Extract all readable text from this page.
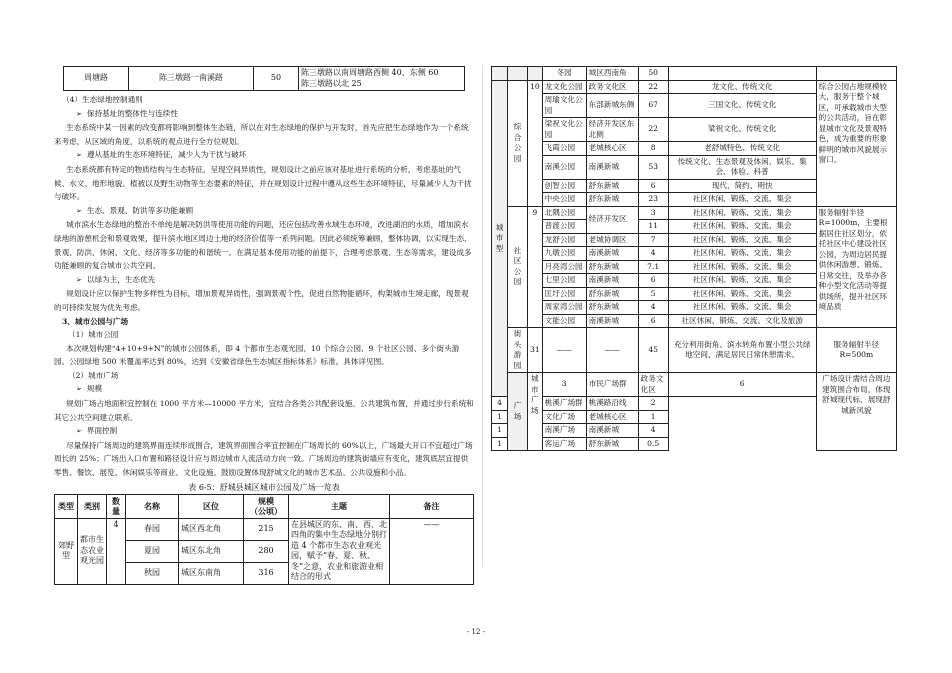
周塘路	陈三墩路一南溪路	50	陈三墩路以南周塘路西侧 40、东侧 60
陈三墩路以北 25

（4）生态绿地控制通则

➢ 保持基址的整体性与连续性

生态系统中某一因素的改变都将影响到整体生态链，所以在对生态绿地的保护与开发时，首先应把生态绿地作为一个系统来考虑，从区域的角度，以系统的观点进行全方位规划。

➢ 遵从基址的生态环境特征，减少人为干扰与破坏

生态系统都有特定的物质结构与生态特征，呈现空间异质性，规划设计之前应该对基址进行系统的分析，考虑基址的气候、水文、地形地貌、植被以及野生动物等生态要素的特征，并在规划设计过程中遵从这些生态环境特征，尽量减少人为干扰与破坏。

➢ 生态、景观、防洪等多功能兼顾

城市滨水生态绿地的整治不单纯是解决防洪等使用功能的问题，还应包括改善水域生态环境，改进湖泊的水质，增加滨水绿地的游憩机会和景观效果，提升滨水地区周边土地的经济价值等一系列问题。因此必须统筹兼顾，整体协调，以实现生态、景观、防洪、休闲、文化、经济等多功能的和谐统一。在满足基本使用功能的前提下，合理考虑景观、生态等需求，建设成多功能兼顾的复合城市公共空间。

➢ 以绿为主，生态优先

规划设计应以保护生物多样性为目标，增加景观异质性，强调景观个性，促进自然物能循环，构架城市生境走廊，现景观的可持续发展为优先考虑。

3、城市公园与广场

（1）城市公园

本次规划构建“4+10+9+N”的城市公园体系，即 4 个都市生态观光园、10 个综合公园、9 个社区公园、多个街头游园。公园绿地 500 米覆盖率达到 80%，达到《安徽省绿色生态城区指标体系》标准。具体详见图。

（2）城市广场

➢ 规模

规划广场占地面积宜控制在 1000 平方米—10000 平方米，宜结合各类公共配套设施、公共建筑布置，并通过步行系统和其它公共空间建立联系。

➢ 界面控制

尽量保持广场周边的建筑界面连续形成围合，建筑界面围合率宜控制在广场周长的 60%以上，广场最大开口不宜超过广场周长的 25%；广场出入口布置和路径设计应与周边城市人流活动方向一致。广场周边的建筑街墙应有变化，建筑底层宜提供零售、餐饮、展览、休闲娱乐等商业、文化设施。鼓励设置体现舒城文化的城市艺术品、公共设施和小品。

表 6-5：舒城县城区城市公园及广场一览表
类型	类别	数量	名称	区位	规模
（公顷）	主题	备注
郊野型	都市生态农业观光园	4	春园	城区西北角	215	在县城区的东、南、西、北四角的集中生态绿地分别打造 4 个都市生态农业观光园，赋予“春、夏、秋、冬”之意，农业和旅游业相结合的形式	——
			夏园	城区东北角	280		
			秋园	城区东南角	316		
			冬园	城区西南角	50		
城市型	综合公园	10	龙文化公园	政务文化区	22	龙文化、传统文化	综合公园占地规模较大，服务于整个城区，可承载城市大型的公共活动，旨在彰显城市文化及景观特色，成为重要的形象鲜明的城市风貌展示窗口。
			周瑜文化公园	东部新城东侧	67	三国文化、传统文化	
			梁祝文化公园	经济开发区东北侧	22	梁祝文化、传统文化	
			飞霞公园	老城核心区	8	老舒城特色、传统文化	
			南溪公园	南溪新城	53	传统文化、生态景观及体闲、娱乐、集会、体验、科普	
			创智公园	舒东新城	6	现代、简约、明快	
			中央公园	舒东新城	23	社区休闲、锻炼、交流、集会	
	社区公园	9	北隅公园	经济开发区	3	社区休闲、锻炼、交流、集会	服务辐射半径R=1000m，主要根据居住社区划分，依托社区中心建设社区公园，为周边居民提供休闲游憩、锻炼、日常交往，及举办各种小型文化活动等提供场所，提升社区环境品质
			普渡公园		11	社区休闲、锻炼、交流、集会	
			龙舒公园	老城协调区	7	社区休闲、锻炼、交流、集会	
			九墩公园	南溪新城	4	社区休闲、锻炼、交流、集会	
			月亮湾公园	舒东新城	7.1	社区休闲、锻炼、交流、集会	
			七里公园	南溪新城	6	社区休闲、锻炼、交流、集会	
			匡圩公园	舒东新城	5	社区休闲、锻炼、交流、集会	
			周家湾公园	舒东新城	4	社区休闲、锻炼、交流、集会	
			文能公园	南溪新城	6	社区休闲、锻炼、交流、文化及旅游	
	街头游园	31	——	——	45	充分利用街角、滨水转角布置小型公共绿地空间，满足居民日常休憩需求。	服务辐射半径R=500m
	广场	城市广场	3	市民广场群	政务文化区	6	广场设计需结合周边建筑围合布局，体现舒城现代标、展现舒城新风貌
4			桃溪广场群	桃溪路沿线	2		
1			文化广场	老城核心区	1		
1			南溪广场	南溪新城	4		
1			客运广场	舒东新城	0.5		
- 12 -
